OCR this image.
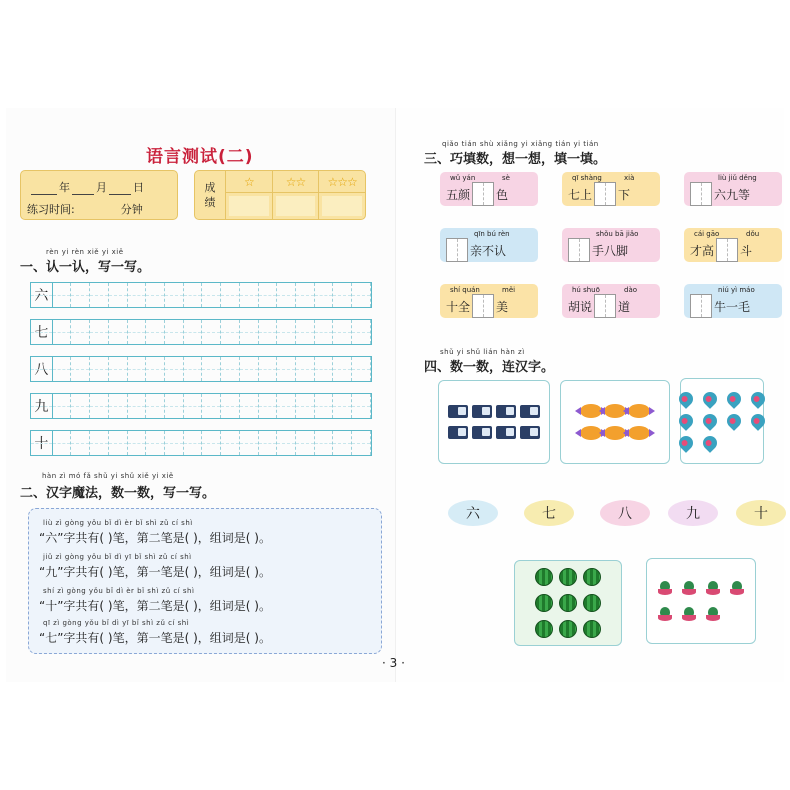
语言测试(二)
年 月 日
练习时间:	分钟
成
绩
☆	☆☆	☆☆☆
rèn yi rèn xiě yi xiě
一、认一认，写一写。
六
七
八
九
十
hàn zì mó fǎ shǔ yi shǔ xiě yi xiě
二、汉字魔法，数一数，写一写。
liù zì gòng yǒu bǐ dì èr bǐ shì zǔ cí shì
“六”字共有( )笔，第二笔是( )，组词是( )。
jiǔ zì gòng yǒu bǐ dì yī bǐ shì zǔ cí shì
“九”字共有( )笔，第一笔是( )，组词是( )。
shí zì gòng yǒu bǐ dì èr bǐ shì zǔ cí shì
“十”字共有( )笔，第二笔是( )，组词是( )。
qī zì gòng yǒu bǐ dì yī bǐ shì zǔ cí shì
“七”字共有( )笔，第一笔是( )，组词是( )。
qiǎo tián shù xiǎng yi xiǎng tián yi tián
三、巧填数，想一想，填一填。
wǔ yán	sè
五颜 色
qī shàng	xià
七上 下
liù jiǔ děng
六九等
qīn bú rèn
亲不认
shǒu bā jiǎo
手八脚
cái gāo	dǒu
才高 斗
shí quán	měi
十全 美
hú shuō	dào
胡说 道
niú yì máo
牛一毛
shǔ yi shǔ lián hàn zì
四、数一数，连汉字。
六	七	八	九	十
· 3 ·
